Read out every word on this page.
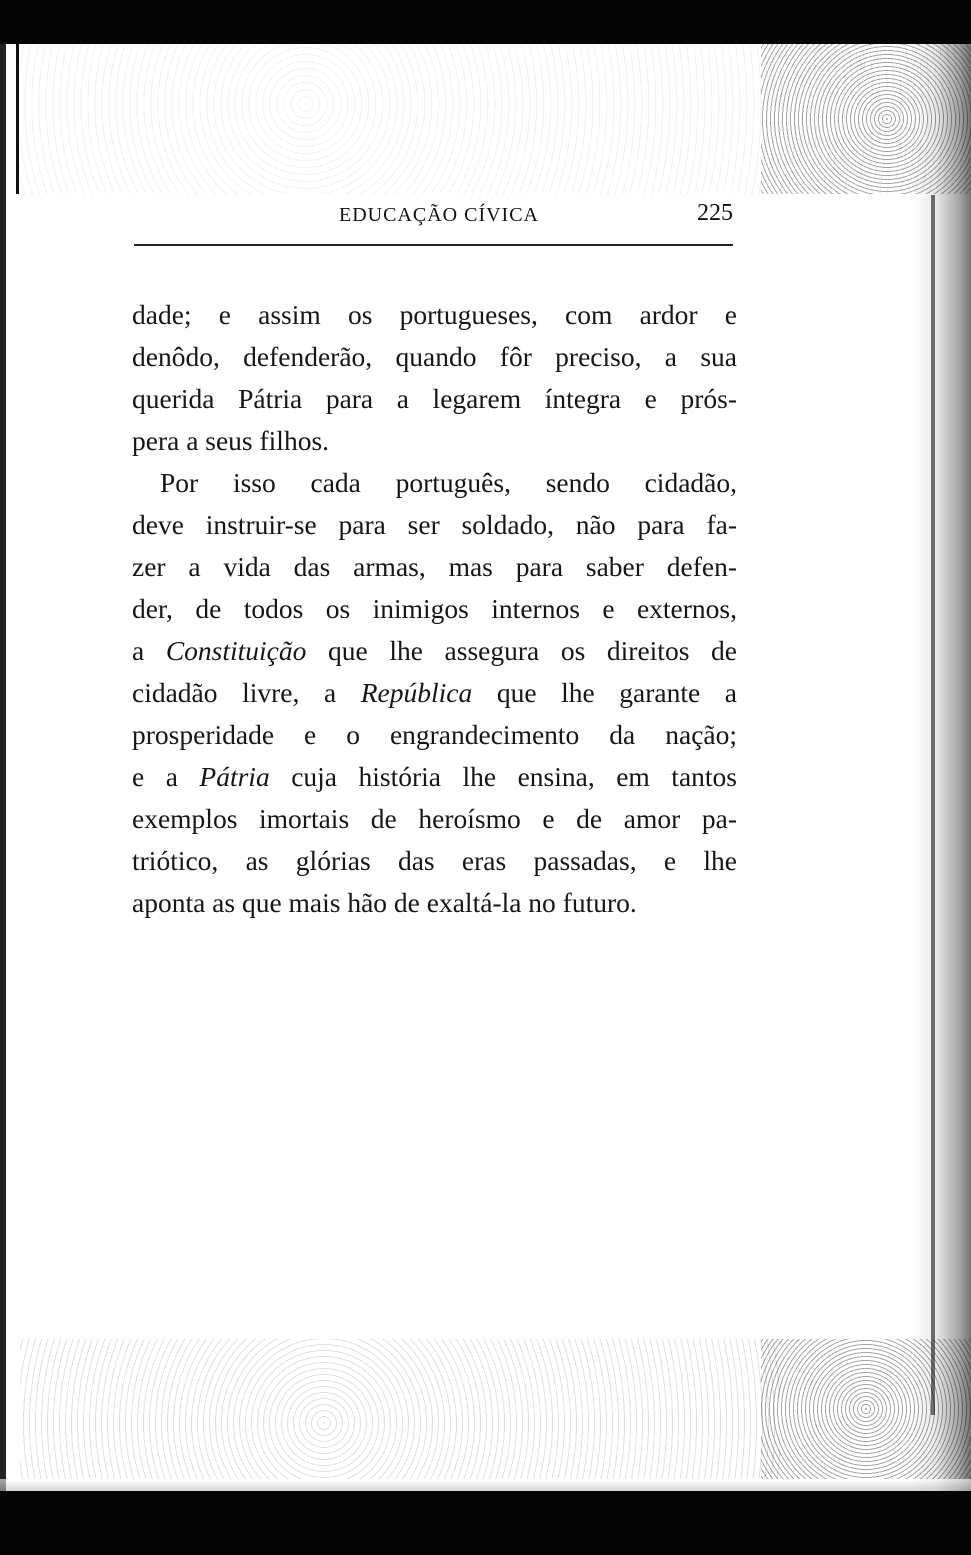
EDUCAÇÃO CÍVICA	225
dade; e assim os portugueses, com ardor e
denôdo, defenderão, quando fôr preciso, a sua
querida Pátria para a legarem íntegra e prós-
pera a seus filhos.
Por isso cada português, sendo cidadão,
deve instruir-se para ser soldado, não para fa-
zer a vida das armas, mas para saber defen-
der, de todos os inimigos internos e externos,
a Constituição que lhe assegura os direitos de
cidadão livre, a República que lhe garante a
prosperidade e o engrandecimento da nação;
e a Pátria cuja história lhe ensina, em tantos
exemplos imortais de heroísmo e de amor pa-
triótico, as glórias das eras passadas, e lhe
aponta as que mais hão de exaltá-la no futuro.
